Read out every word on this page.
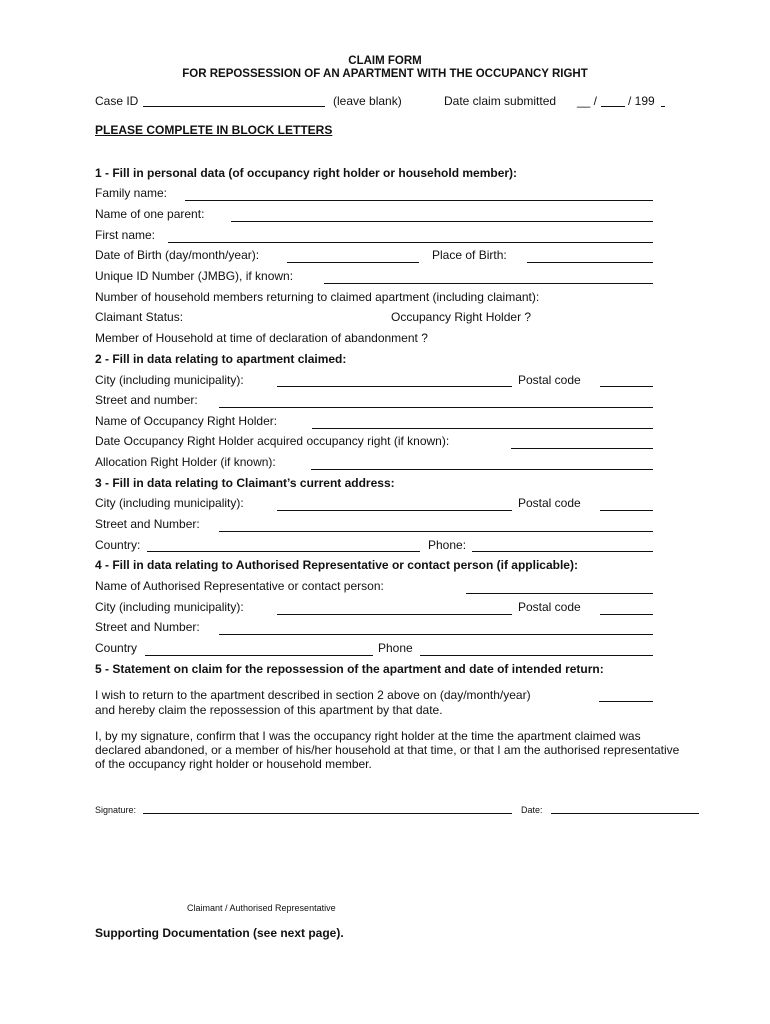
CLAIM FORM
FOR REPOSSESSION OF AN APARTMENT WITH THE OCCUPANCY RIGHT
Case ID	(leave blank)	Date claim submitted __ /	/ 199
PLEASE COMPLETE IN BLOCK LETTERS
1 - Fill in personal data (of occupancy right holder or household member):
Family name:
Name of one parent:
First name:
Date of Birth (day/month/year):	Place of Birth:
Unique ID Number (JMBG), if known:
Number of household members returning to claimed apartment (including claimant):
Claimant Status:	Occupancy Right Holder ?
Member of Household at time of declaration of abandonment ?
2 - Fill in data relating to apartment claimed:
City (including municipality):	Postal code
Street and number:
Name of Occupancy Right Holder:
Date Occupancy Right Holder acquired occupancy right (if known):
Allocation Right Holder (if known):
3 - Fill in data relating to Claimant’s current address:
City (including municipality):	Postal code
Street and Number:
Country:	Phone:
4 - Fill in data relating to Authorised Representative or contact person (if applicable):
Name of Authorised Representative or contact person:
City (including municipality):	Postal code
Street and Number:
Country	Phone
5 - Statement on claim for the repossession of the apartment and date of intended return:
I wish to return to the apartment described in section 2 above on (day/month/year)
and hereby claim the repossession of this apartment by that date.
I, by my signature, confirm that I was the occupancy right holder at the time the apartment claimed was declared abandoned, or a member of his/her household at that time, or that I am the authorised representative of the occupancy right holder or household member.
Signature:	Date:
Claimant / Authorised Representative
Supporting Documentation (see next page).
